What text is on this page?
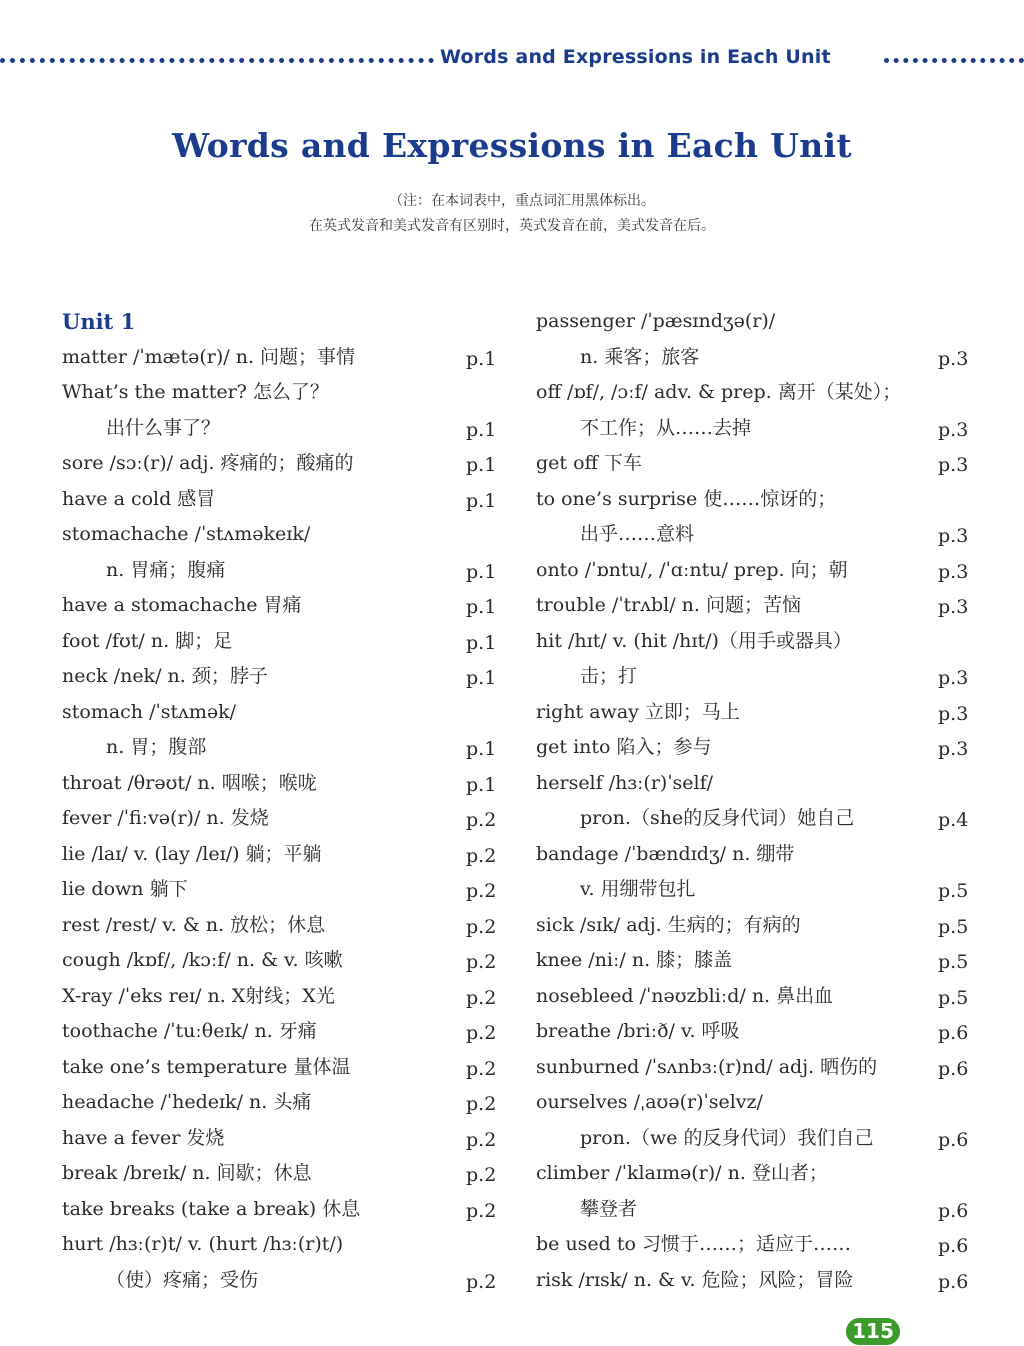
Words and Expressions in Each Unit
Words and Expressions in Each Unit
（注：在本词表中，重点词汇用黑体标出。
在英式发音和美式发音有区别时，英式发音在前，美式发音在后。
Unit 1
matter /ˈmætə(r)/ n. 问题；事情	p.1
What’s the matter? 怎么了？
出什么事了？	p.1
sore /sɔː(r)/ adj. 疼痛的；酸痛的	p.1
have a cold 感冒	p.1
stomachache /ˈstʌməkeɪk/
n. 胃痛；腹痛	p.1
have a stomachache 胃痛	p.1
foot /fʊt/ n. 脚；足	p.1
neck /nek/ n. 颈；脖子	p.1
stomach /ˈstʌmək/
n. 胃；腹部	p.1
throat /θrəʊt/ n. 咽喉；喉咙	p.1
fever /ˈfiːvə(r)/ n. 发烧	p.2
lie /laɪ/ v. (lay /leɪ/) 躺；平躺	p.2
lie down 躺下	p.2
rest /rest/ v. & n. 放松；休息	p.2
cough /kɒf/, /kɔːf/ n. & v. 咳嗽	p.2
X-ray /ˈeks reɪ/ n. X射线；X光	p.2
toothache /ˈtuːθeɪk/ n. 牙痛	p.2
take one’s temperature 量体温	p.2
headache /ˈhedeɪk/ n. 头痛	p.2
have a fever 发烧	p.2
break /breɪk/ n. 间歇；休息	p.2
take breaks (take a break) 休息	p.2
hurt /hɜː(r)t/ v. (hurt /hɜː(r)t/)
（使）疼痛；受伤	p.2
passenger /ˈpæsɪndʒə(r)/
n. 乘客；旅客	p.3
off /ɒf/, /ɔːf/ adv. & prep. 离开（某处）；
不工作；从……去掉	p.3
get off 下车	p.3
to one’s surprise 使……惊讶的；
出乎……意料	p.3
onto /ˈɒntu/, /ˈɑːntu/ prep. 向；朝	p.3
trouble /ˈtrʌbl/ n. 问题；苦恼	p.3
hit /hɪt/ v. (hit /hɪt/)（用手或器具）
击；打	p.3
right away 立即；马上	p.3
get into 陷入；参与	p.3
herself /hɜː(r)ˈself/
pron.（she的反身代词）她自己	p.4
bandage /ˈbændɪdʒ/ n. 绷带
v. 用绷带包扎	p.5
sick /sɪk/ adj. 生病的；有病的	p.5
knee /niː/ n. 膝；膝盖	p.5
nosebleed /ˈnəʊzbliːd/ n. 鼻出血	p.5
breathe /briːð/ v. 呼吸	p.6
sunburned /ˈsʌnbɜː(r)nd/ adj. 晒伤的	p.6
ourselves /ˌaʊə(r)ˈselvz/
pron.（we 的反身代词）我们自己	p.6
climber /ˈklaɪmə(r)/ n. 登山者；
攀登者	p.6
be used to 习惯于……；适应于……	p.6
risk /rɪsk/ n. & v. 危险；风险；冒险	p.6
115
